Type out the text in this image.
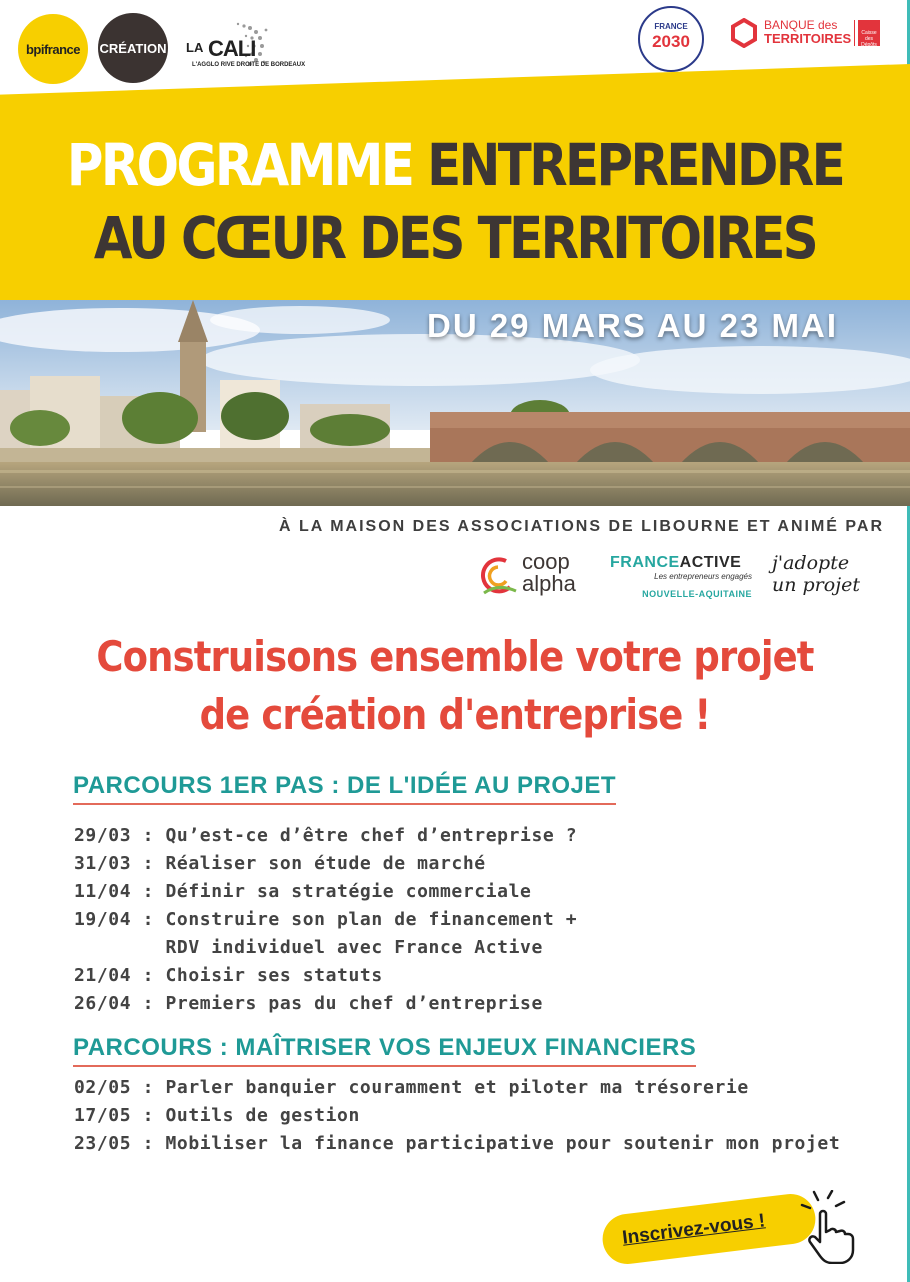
bpifrance CRÉATION LA CALI
L'AGGLO RIVE DROITE DE BORDEAUX
FRANCE
2030
BANQUE des
TERRITOIRES	Caisse des Dépôts
PROGRAMME ENTREPRENDRE
AU CŒUR DES TERRITOIRES
DU 29 MARS AU 23 MAI
À LA MAISON DES ASSOCIATIONS DE LIBOURNE ET ANIMÉ PAR
coop
alpha
FRANCEACTIVE
Les entrepreneurs engagés
NOUVELLE-AQUITAINE
j'adopte
un projet
Construisons ensemble votre projet
de création d'entreprise !
PARCOURS 1ER PAS : DE L'IDÉE AU PROJET
29/03 : Qu’est-ce d’être chef d’entreprise ?
31/03 : Réaliser son étude de marché
11/04 : Définir sa stratégie commerciale
19/04 : Construire son plan de financement +
RDV individuel avec France Active
21/04 : Choisir ses statuts
26/04 : Premiers pas du chef d’entreprise
PARCOURS : MAÎTRISER VOS ENJEUX FINANCIERS
02/05 : Parler banquier couramment et piloter ma trésorerie
17/05 : Outils de gestion
23/05 : Mobiliser la finance participative pour soutenir mon projet
Inscrivez-vous !
